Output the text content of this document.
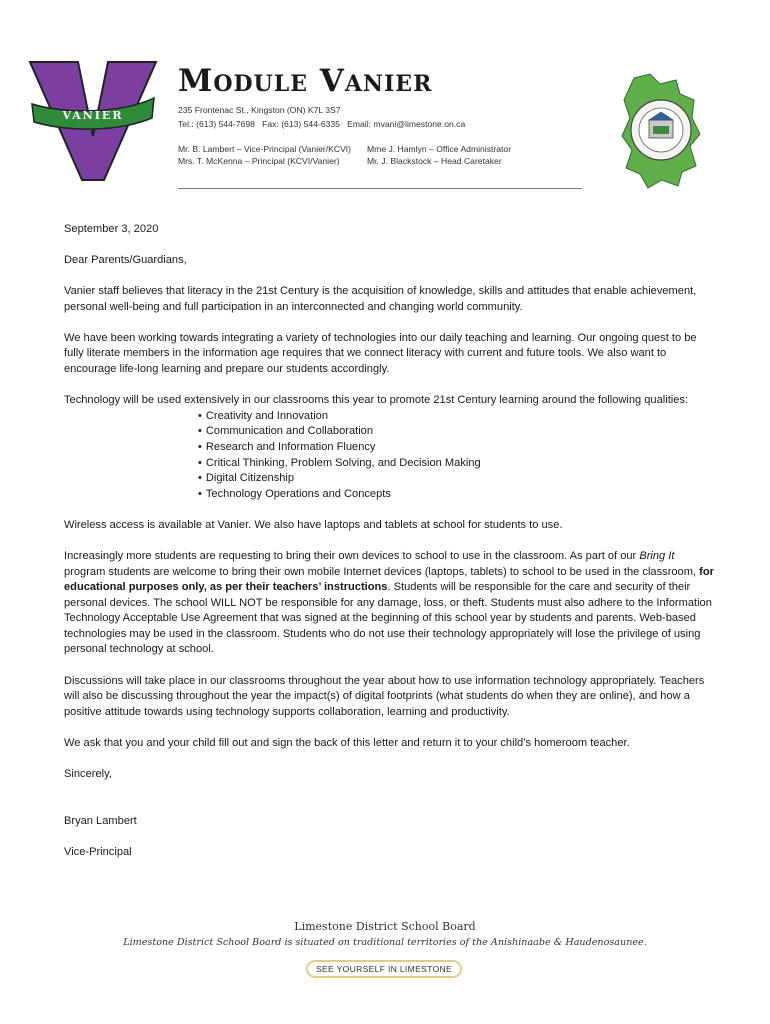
VANIER
Module Vanier
235 Frontenac St., Kingston (ON) K7L 3S7
Tel.: (613) 544-7698 Fax: (613) 544-6335 Email: mvani@limestone.on.ca
Mr. B. Lambert – Vice-Principal (Vanier/KCVI)
Mrs. T. McKenna – Principal (KCVI/Vanier)
Mme J. Hamlyn – Office Administrator
Mr. J. Blackstock – Head Caretaker

September 3, 2020

Dear Parents/Guardians,

Vanier staff believes that literacy in the 21st Century is the acquisition of knowledge, skills and attitudes that enable achievement, personal well-being and full participation in an interconnected and changing world community.

We have been working towards integrating a variety of technologies into our daily teaching and learning. Our ongoing quest to be fully literate members in the information age requires that we connect literacy with current and future tools. We also want to encourage life-long learning and prepare our students accordingly.

Technology will be used extensively in our classrooms this year to promote 21st Century learning around the following qualities:

• Creativity and Innovation
• Communication and Collaboration
• Research and Information Fluency
• Critical Thinking, Problem Solving, and Decision Making
• Digital Citizenship
• Technology Operations and Concepts

Wireless access is available at Vanier. We also have laptops and tablets at school for students to use.

Increasingly more students are requesting to bring their own devices to school to use in the classroom. As part of our Bring It program students are welcome to bring their own mobile Internet devices (laptops, tablets) to school to be used in the classroom, for educational purposes only, as per their teachers’ instructions. Students will be responsible for the care and security of their personal devices. The school WILL NOT be responsible for any damage, loss, or theft. Students must also adhere to the Information Technology Acceptable Use Agreement that was signed at the beginning of this school year by students and parents. Web-based technologies may be used in the classroom. Students who do not use their technology appropriately will lose the privilege of using personal technology at school.

Discussions will take place in our classrooms throughout the year about how to use information technology appropriately. Teachers will also be discussing throughout the year the impact(s) of digital footprints (what students do when they are online), and how a positive attitude towards using technology supports collaboration, learning and productivity.

We ask that you and your child fill out and sign the back of this letter and return it to your child’s homeroom teacher.

Sincerely,

Bryan Lambert

Vice-Principal

Limestone District School Board
Limestone District School Board is situated on traditional territories of the Anishinaabe & Haudenosaunee.
SEE YOURSELF IN LIMESTONE
